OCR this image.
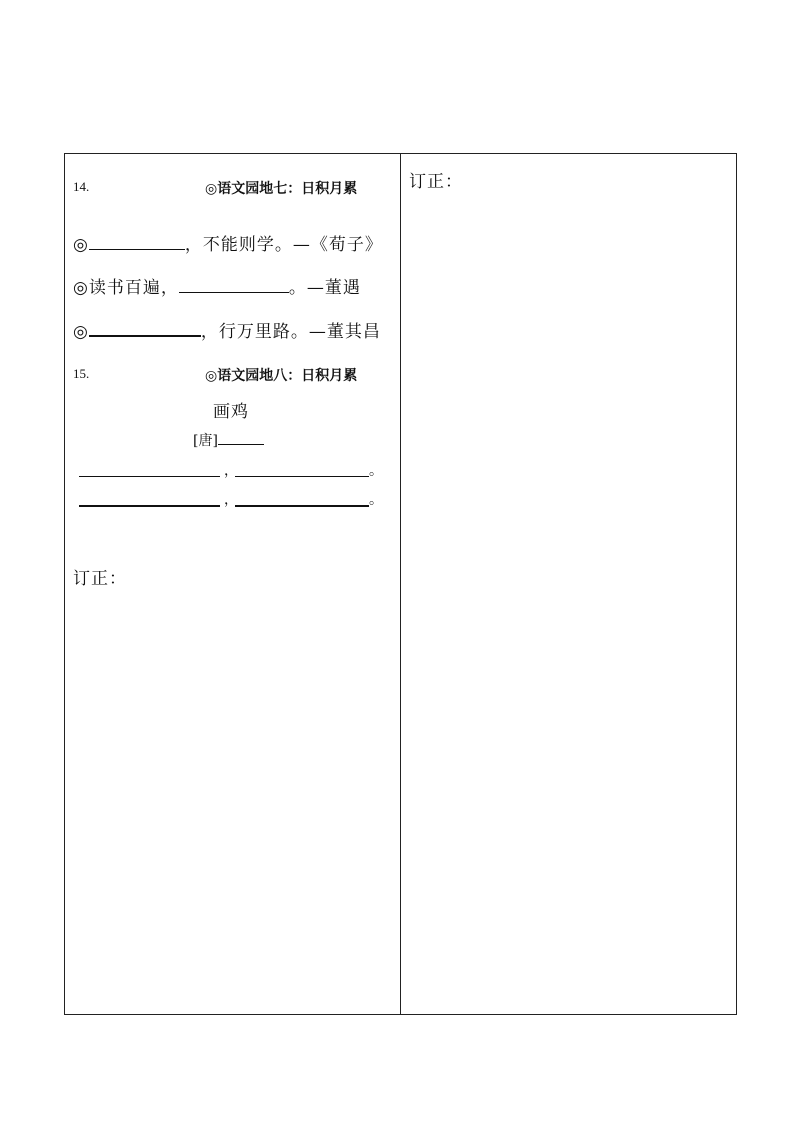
14.	◎语文园地七：日积月累
◎	，不能则学。—《荀子》
◎读书百遍，	。—董遇
◎	，行万里路。—董其昌
15.	◎语文园地八：日积月累
画鸡
[唐]
，	。
，	。
订正：
订正：
